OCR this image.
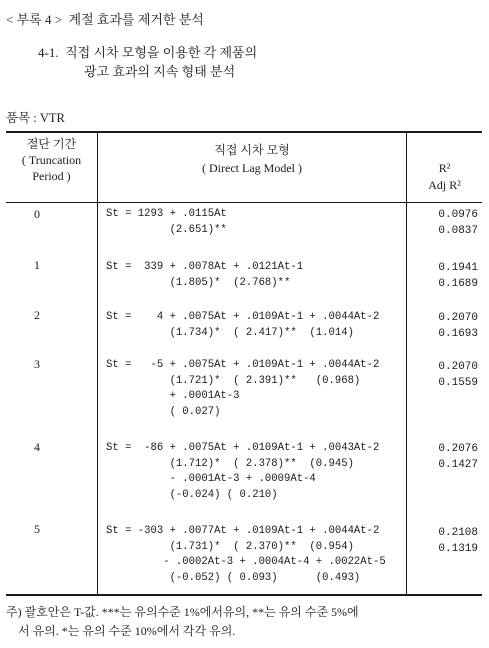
< 부록 4 >  계절 효과를 제거한 분석
4-1.  직접 시차 모형을 이용한 각 제품의
광고 효과의 지속 형태 분석
품목 : VTR
절단 기간
( Truncation
Period )
직접 시차 모형
( Direct Lag Model )	R²
Adj R²
0	St = 1293 + .0115At
(2.651)**
0.0976
0.0837
1	St =  339 + .0078At + .0121At-1
(1.805)*  (2.768)**
0.1941
0.1689
2	St =    4 + .0075At + .0109At-1 + .0044At-2
(1.734)*  ( 2.417)**  (1.014)
0.2070
0.1693
3	St =   -5 + .0075At + .0109At-1 + .0044At-2
(1.721)*  ( 2.391)**   (0.968)
+ .0001At-3
( 0.027)
0.2070
0.1559
4	St =  -86 + .0075At + .0109At-1 + .0043At-2
(1.712)*  ( 2.378)**  (0.945)
- .0001At-3 + .0009At-4
(-0.024) ( 0.210)
0.2076
0.1427
5	St = -303 + .0077At + .0109At-1 + .0044At-2
(1.731)*  ( 2.370)**  (0.954)
- .0002At-3 + .0004At-4 + .0022At-5
(-0.052) ( 0.093)      (0.493)
0.2108
0.1319
주) 괄호안은 T-값. ***는 유의수준 1%에서유의, **는 유의 수준 5%에
서 유의. *는 유의 수준 10%에서 각각 유의.
